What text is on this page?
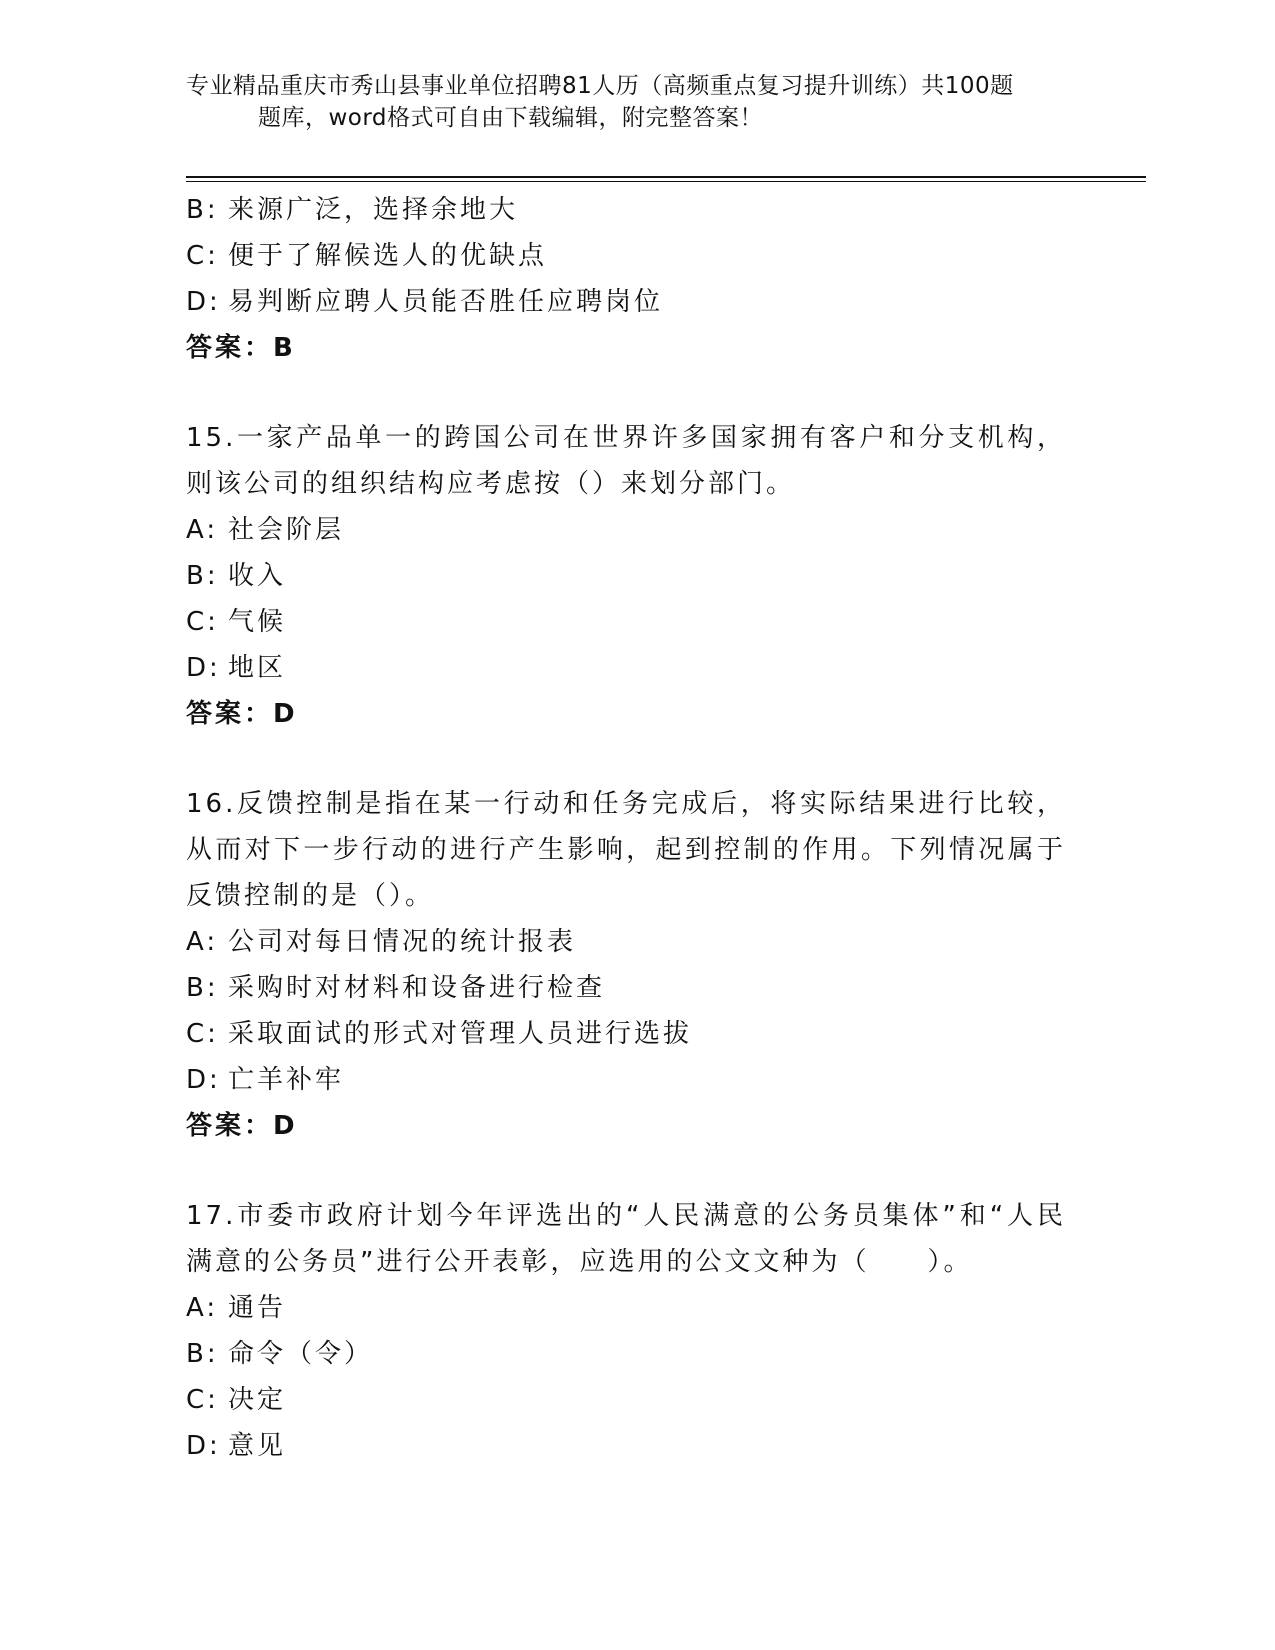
专业精品重庆市秀山县事业单位招聘81人历（高频重点复习提升训练）共100题
题库，word格式可自由下载编辑，附完整答案！
B: 来源广泛，选择余地大
C: 便于了解候选人的优缺点
D: 易判断应聘人员能否胜任应聘岗位
答案：B
15.一家产品单一的跨国公司在世界许多国家拥有客户和分支机构，则该公司的组织结构应考虑按（）来划分部门。
A: 社会阶层
B: 收入
C: 气候
D: 地区
答案：D
16.反馈控制是指在某一行动和任务完成后，将实际结果进行比较，从而对下一步行动的进行产生影响，起到控制的作用。下列情况属于反馈控制的是（）。
A: 公司对每日情况的统计报表
B: 采购时对材料和设备进行检查
C: 采取面试的形式对管理人员进行选拔
D: 亡羊补牢
答案：D
17.市委市政府计划今年评选出的“人民满意的公务员集体”和“人民满意的公务员”进行公开表彰，应选用的公文文种为（　　）。
A: 通告
B: 命令（令）
C: 决定
D: 意见
